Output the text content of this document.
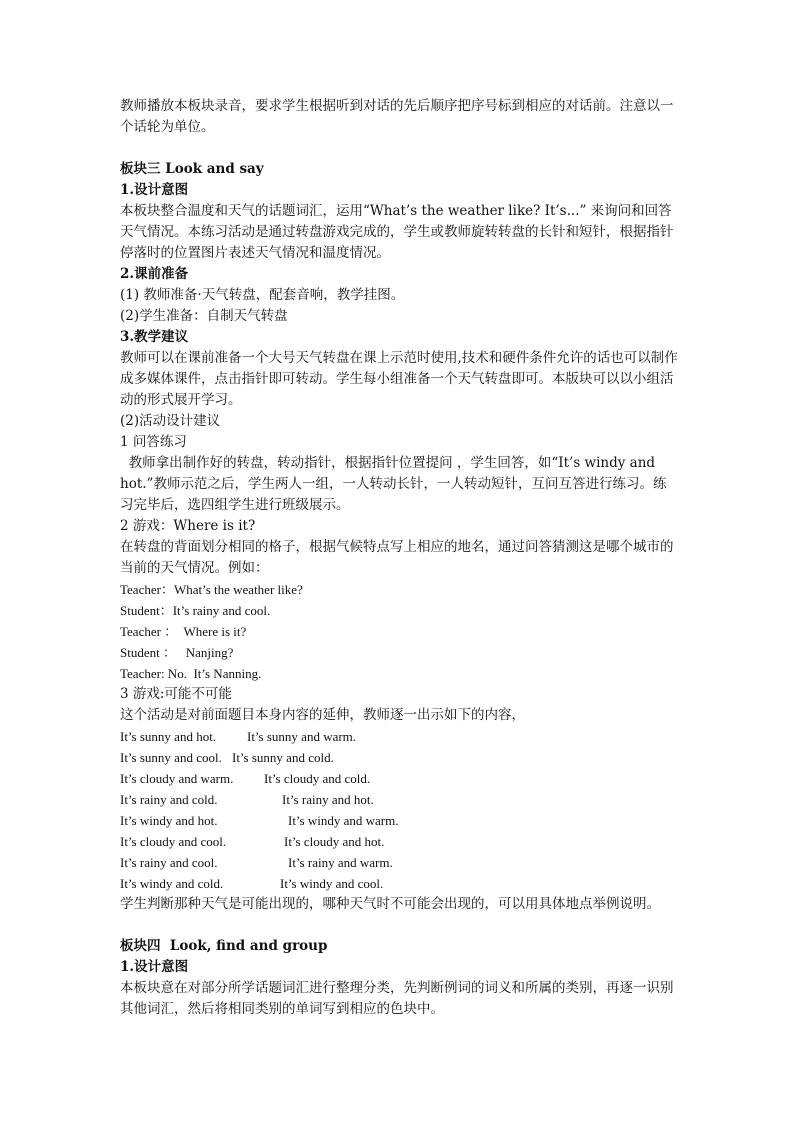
教师播放本板块录音，要求学生根据听到对话的先后顺序把序号标到相应的对话前。注意以一个话轮为单位。

板块三 Look and say

1.设计意图

本板块整合温度和天气的话题词汇，运用“What’s the weather like? It’s...” 来询问和回答天气情况。本练习活动是通过转盘游戏完成的，学生或教师旋转转盘的长针和短针，根据指针停落时的位置图片表述天气情况和温度情况。

2.课前准备

(1) 教师准备·天气转盘，配套音响，教学挂图。

(2)学生准备：自制天气转盘

3.教学建议

教师可以在课前准备一个大号天气转盘在课上示范时使用,技术和硬件条件允许的话也可以制作成多媒体课件，点击指针即可转动。学生每小组准备一个天气转盘即可。本版块可以以小组活动的形式展开学习。

(2)活动设计建议

1 问答练习

教师拿出制作好的转盘，转动指针，根据指针位置提问 ，学生回答，如“It’s windy and hot.”教师示范之后，学生两人一组，一人转动长针，一人转动短针，互问互答进行练习。练习完毕后，选四组学生进行班级展示。

2 游戏：Where is it?

在转盘的背面划分相同的格子，根据气候特点写上相应的地名，通过问答猜测这是哪个城市的当前的天气情况。例如：

Teacher：What’s the weather like?

Student：It’s rainy and cool.

Teacher ：  Where is it?

Student ：   Nanjing?

Teacher: No.  It’s Nanning.

3 游戏:可能不可能

这个活动是对前面题目本身内容的延伸，教师逐一出示如下的内容，

It’s sunny and hot. It’s sunny and warm.
It’s sunny and cool. It’s sunny and cold.
It’s cloudy and warm. It’s cloudy and cold.
It’s rainy and cold.	It’s rainy and hot.
It’s windy and hot.	It’s windy and warm.
It’s cloudy and cool.	It’s cloudy and hot.
It’s rainy and cool.	It’s rainy and warm.
It’s windy and cold.	It’s windy and cool.

学生判断那种天气是可能出现的，哪种天气时不可能会出现的，可以用具体地点举例说明。

板块四  Look, find and group

1.设计意图

本板块意在对部分所学话题词汇进行整理分类，先判断例词的词义和所属的类别，再逐一识别其他词汇，然后将相同类别的单词写到相应的色块中。
